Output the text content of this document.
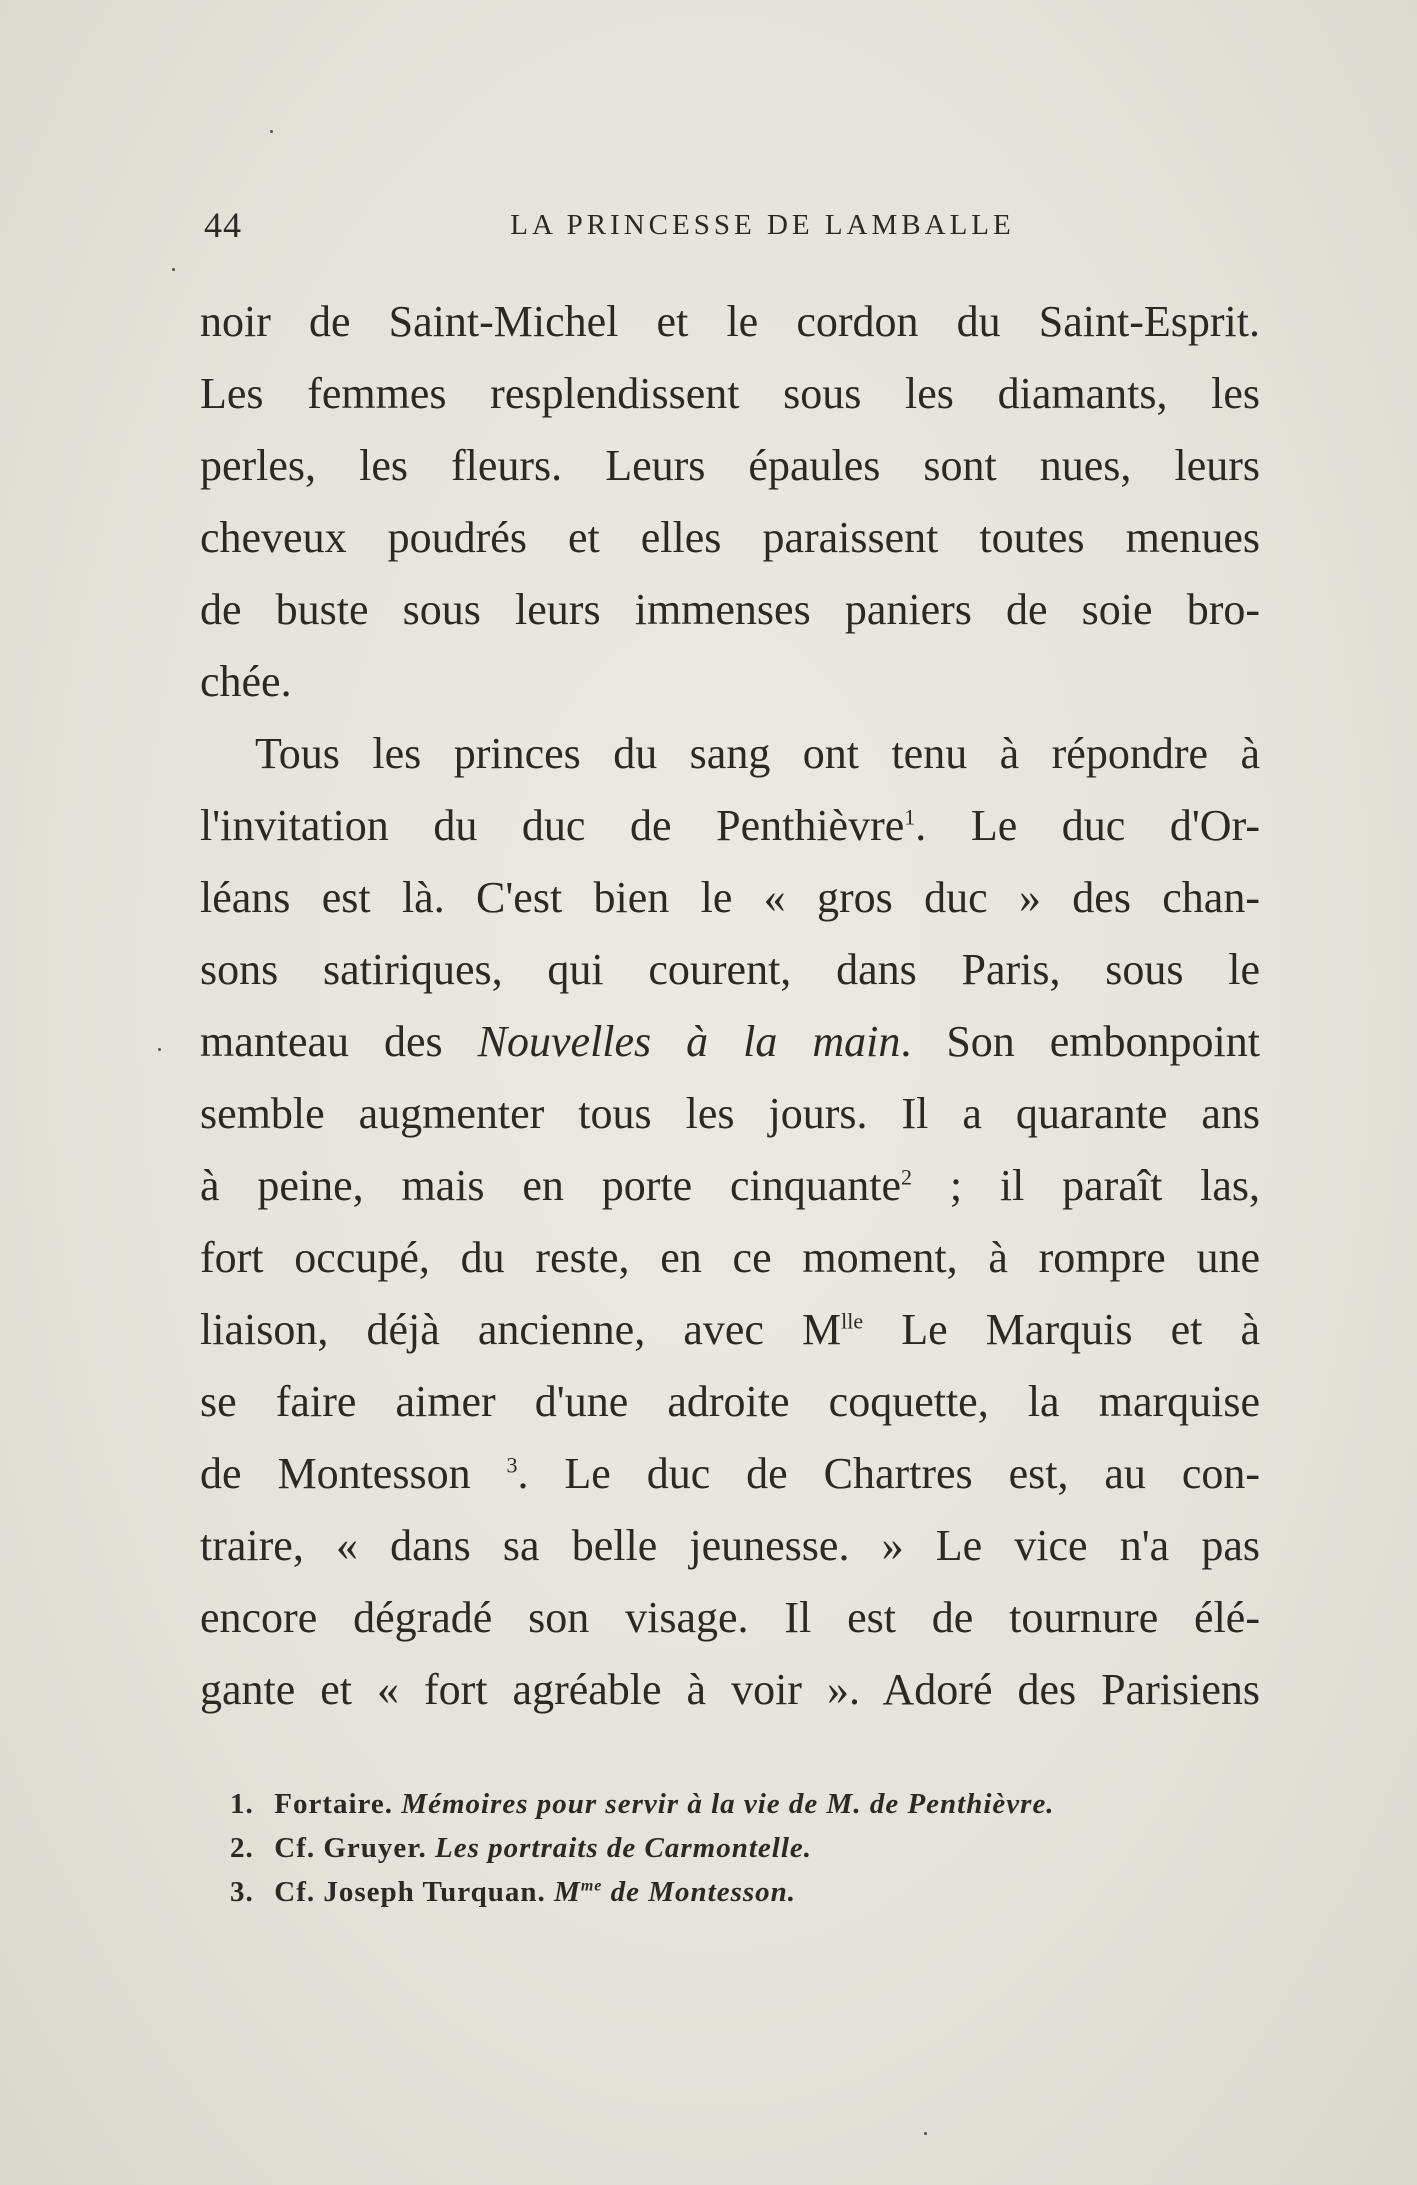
44	LA PRINCESSE DE LAMBALLE
noir de Saint-Michel et le cordon du Saint-Esprit.
Les femmes resplendissent sous les diamants, les
perles, les fleurs. Leurs épaules sont nues, leurs
cheveux poudrés et elles paraissent toutes menues
de buste sous leurs immenses paniers de soie bro-
chée.
Tous les princes du sang ont tenu à répondre à
l'invitation du duc de Penthièvre$^1$. Le duc d'Or-
léans est là. C'est bien le « gros duc » des chan-
sons satiriques, qui courent, dans Paris, sous le
manteau des Nouvelles à la main. Son embonpoint
semble augmenter tous les jours. Il a quarante ans
à peine, mais en porte cinquante$^2$ ; il paraît las,
fort occupé, du reste, en ce moment, à rompre une
liaison, déjà ancienne, avec $M^{lle}$ Le Marquis et à
se faire aimer d'une adroite coquette, la marquise
de Montesson $^3$. Le duc de Chartres est, au con-
traire, « dans sa belle jeunesse. » Le vice n'a pas
encore dégradé son visage. Il est de tournure élé-
gante et « fort agréable à voir ». Adoré des Parisiens
1. Fortaire. Mémoires pour servir à la vie de M. de Penthièvre.
2. Cf. Gruyer. Les portraits de Carmontelle.
3. Cf. Joseph Turquan. $M^{me}$ de Montesson.
